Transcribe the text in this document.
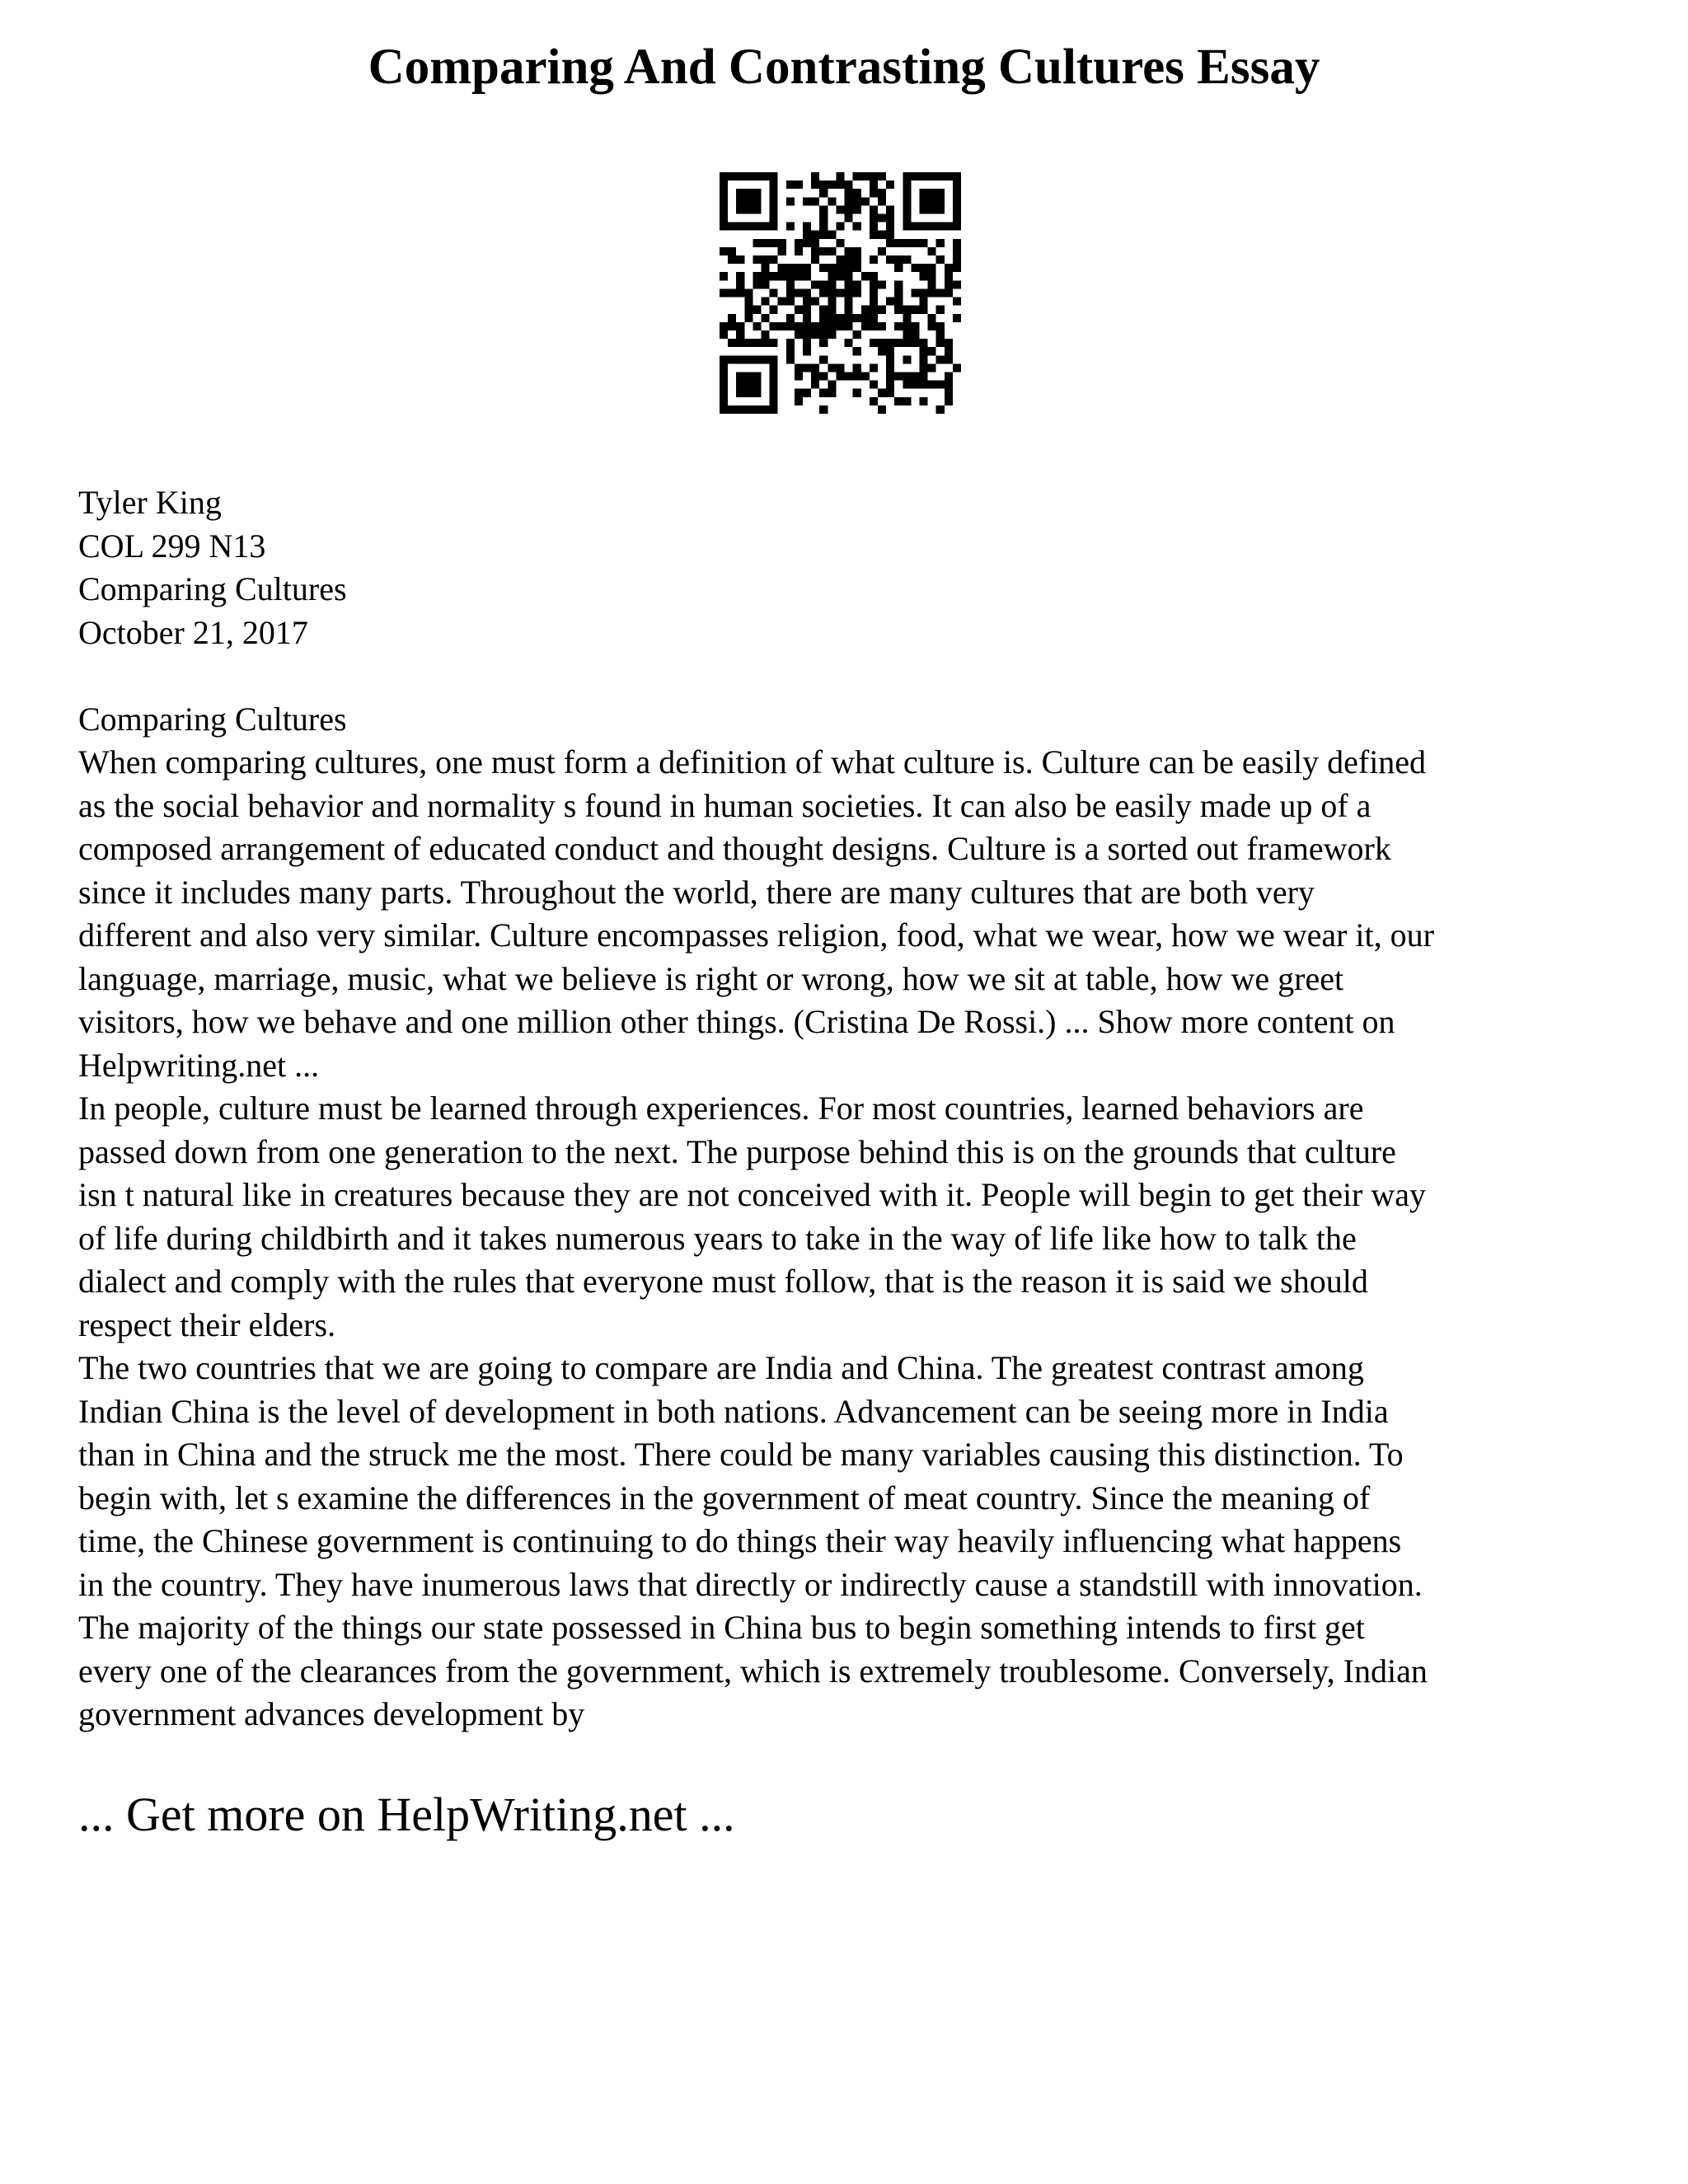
Comparing And Contrasting Cultures Essay
Tyler King
COL 299 N13
Comparing Cultures
October 21, 2017
Comparing Cultures

When comparing cultures, one must form a definition of what culture is. Culture can be easily defined
as the social behavior and normality s found in human societies. It can also be easily made up of a
composed arrangement of educated conduct and thought designs. Culture is a sorted out framework
since it includes many parts. Throughout the world, there are many cultures that are both very
different and also very similar. Culture encompasses religion, food, what we wear, how we wear it, our
language, marriage, music, what we believe is right or wrong, how we sit at table, how we greet
visitors, how we behave and one million other things. (Cristina De Rossi.) ... Show more content on
Helpwriting.net ...

In people, culture must be learned through experiences. For most countries, learned behaviors are
passed down from one generation to the next. The purpose behind this is on the grounds that culture
isn t natural like in creatures because they are not conceived with it. People will begin to get their way
of life during childbirth and it takes numerous years to take in the way of life like how to talk the
dialect and comply with the rules that everyone must follow, that is the reason it is said we should
respect their elders.

The two countries that we are going to compare are India and China. The greatest contrast among
Indian China is the level of development in both nations. Advancement can be seeing more in India
than in China and the struck me the most. There could be many variables causing this distinction. To
begin with, let s examine the differences in the government of meat country. Since the meaning of
time, the Chinese government is continuing to do things their way heavily influencing what happens
in the country. They have inumerous laws that directly or indirectly cause a standstill with innovation.
The majority of the things our state possessed in China bus to begin something intends to first get
every one of the clearances from the government, which is extremely troublesome. Conversely, Indian
government advances development by

... Get more on HelpWriting.net ...
